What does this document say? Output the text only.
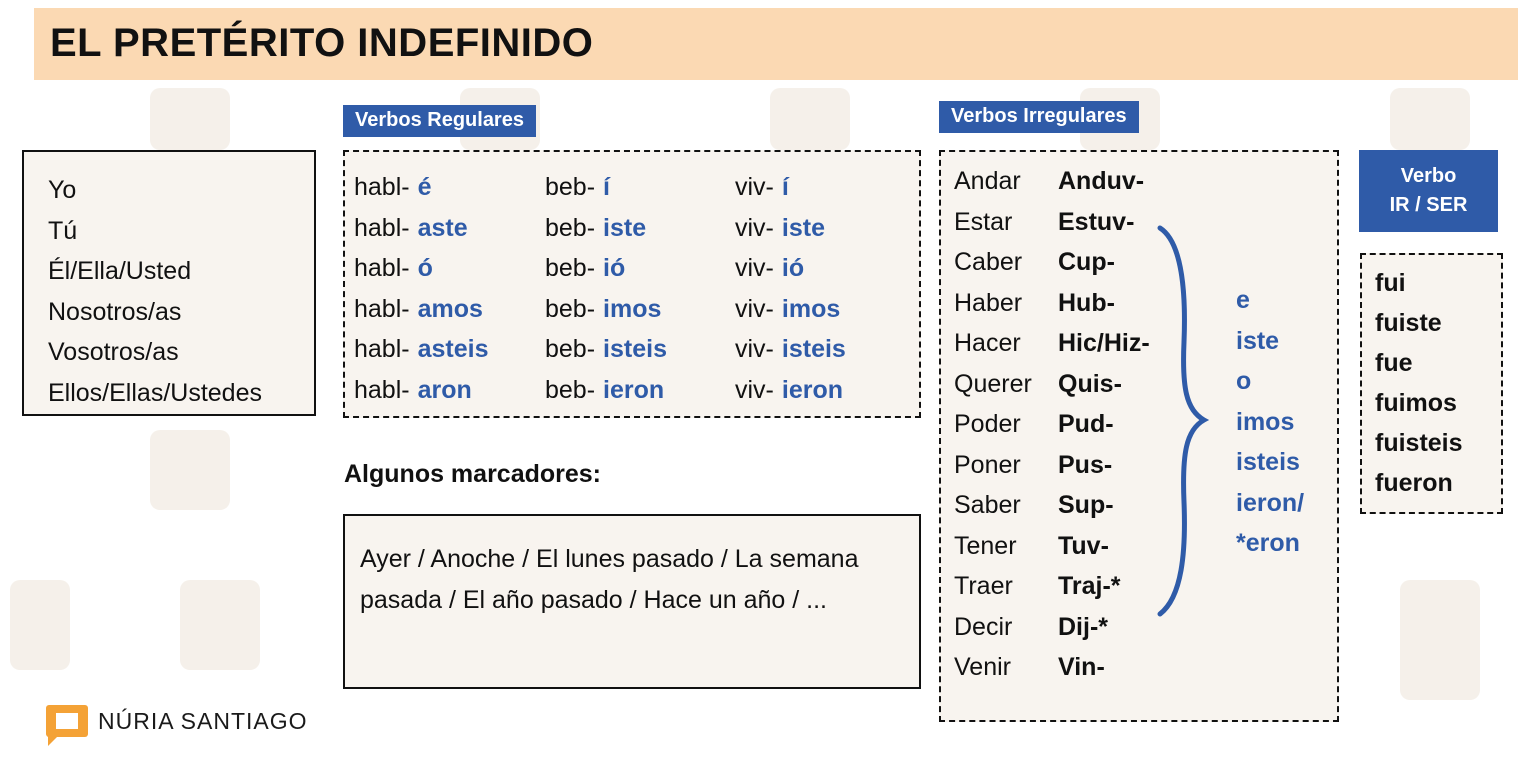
EL PRETÉRITO INDEFINIDO
Yo
Tú
Él/Ella/Usted
Nosotros/as
Vosotros/as
Ellos/Ellas/Ustedes
Verbos Regulares
habl- é
habl- aste
habl- ó
habl- amos
habl- asteis
habl- aron
beb- í
beb- iste
beb- ió
beb- imos
beb- isteis
beb- ieron
viv- í
viv- iste
viv- ió
viv- imos
viv- isteis
viv- ieron
Algunos marcadores:
Ayer / Anoche / El lunes pasado / La semana pasada / El año pasado / Hace un año / ...
Verbos Irregulares
Andar Anduv-
Estar Estuv-
Caber Cup-
Haber Hub-
Hacer Hic/Hiz-
Querer Quis-
Poder Pud-
Poner Pus-
Saber Sup-
Tener Tuv-
Traer Traj-*
Decir Dij-*
Venir Vin-
e
iste
o
imos
isteis
ieron/
*eron
Verbo
IR / SER
fui
fuiste
fue
fuimos
fuisteis
fueron
NÚRIA SANTIAGO
